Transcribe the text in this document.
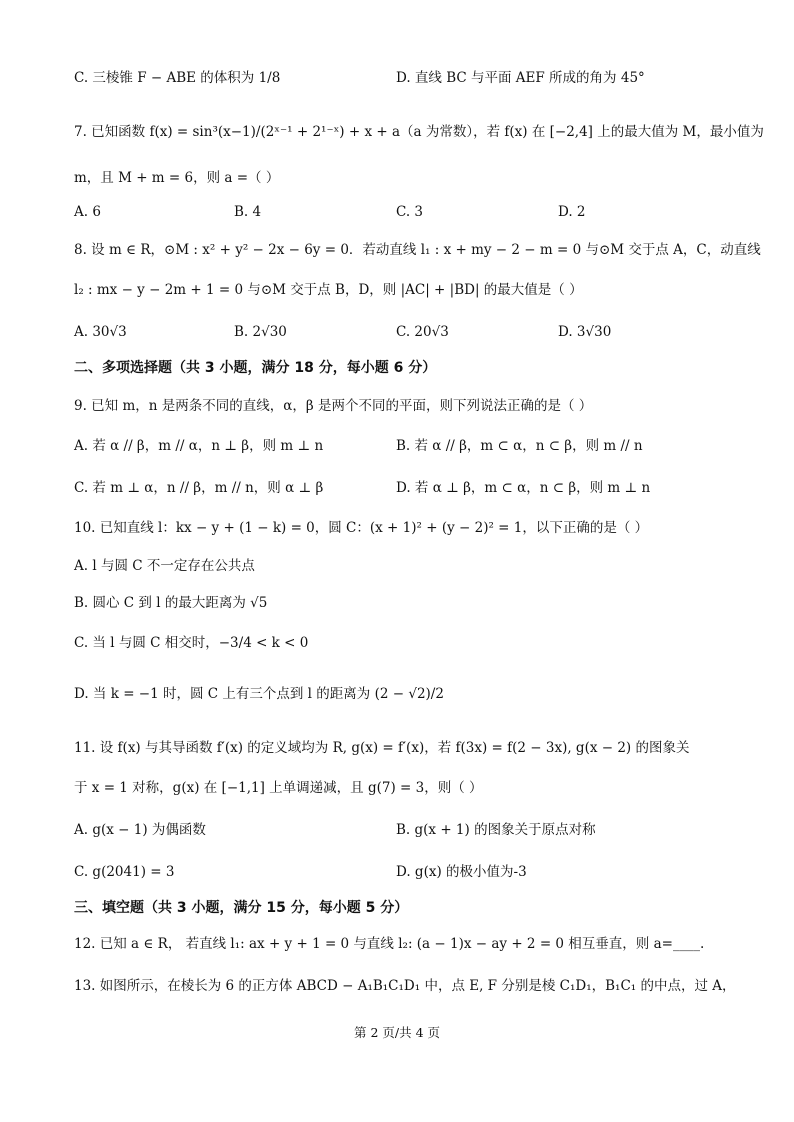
C. 三棱锥 F − ABE 的体积为 1/8	D. 直线 BC 与平面 AEF 所成的角为 45°
7. 已知函数 f(x) = sin³(x−1)/(2ˣ⁻¹ + 2¹⁻ˣ) + x + a（a 为常数），若 f(x) 在 [−2,4] 上的最大值为 M，最小值为
m，且 M + m = 6，则 a =（ ）
A. 6	B. 4	C. 3	D. 2
8. 设 m ∈ R，⊙M : x² + y² − 2x − 6y = 0．若动直线 l₁ : x + my − 2 − m = 0 与⊙M 交于点 A，C，动直线
l₂ : mx − y − 2m + 1 = 0 与⊙M 交于点 B，D，则 |AC| + |BD| 的最大值是（ ）
A. 30√3	B. 2√30	C. 20√3	D. 3√30
二、多项选择题（共 3 小题，满分 18 分，每小题 6 分）
9. 已知 m，n 是两条不同的直线，α，β 是两个不同的平面，则下列说法正确的是（ ）
A. 若 α // β，m // α，n ⊥ β，则 m ⊥ n	B. 若 α // β，m ⊂ α，n ⊂ β，则 m // n
C. 若 m ⊥ α，n // β，m // n，则 α ⊥ β	D. 若 α ⊥ β，m ⊂ α，n ⊂ β，则 m ⊥ n
10. 已知直线 l：kx − y + (1 − k) = 0，圆 C：(x + 1)² + (y − 2)² = 1，以下正确的是（ ）
A. l 与圆 C 不一定存在公共点
B. 圆心 C 到 l 的最大距离为 √5
C. 当 l 与圆 C 相交时，−3/4 < k < 0
D. 当 k = −1 时，圆 C 上有三个点到 l 的距离为 (2 − √2)/2
11. 设 f(x) 与其导函数 f′(x) 的定义域均为 R, g(x) = f′(x)，若 f(3x) = f(2 − 3x), g(x − 2) 的图象关
于 x = 1 对称，g(x) 在 [−1,1] 上单调递减，且 g(7) = 3，则（ ）
A. g(x − 1) 为偶函数	B. g(x + 1) 的图象关于原点对称
C. g(2041) = 3	D. g(x) 的极小值为-3
三、填空题（共 3 小题，满分 15 分，每小题 5 分）
12. 已知 a ∈ R， 若直线 l₁: ax + y + 1 = 0 与直线 l₂: (a − 1)x − ay + 2 = 0 相互垂直，则 a=____.
13. 如图所示，在棱长为 6 的正方体 ABCD − A₁B₁C₁D₁ 中，点 E, F 分别是棱 C₁D₁，B₁C₁ 的中点，过 A，
第 2 页/共 4 页
